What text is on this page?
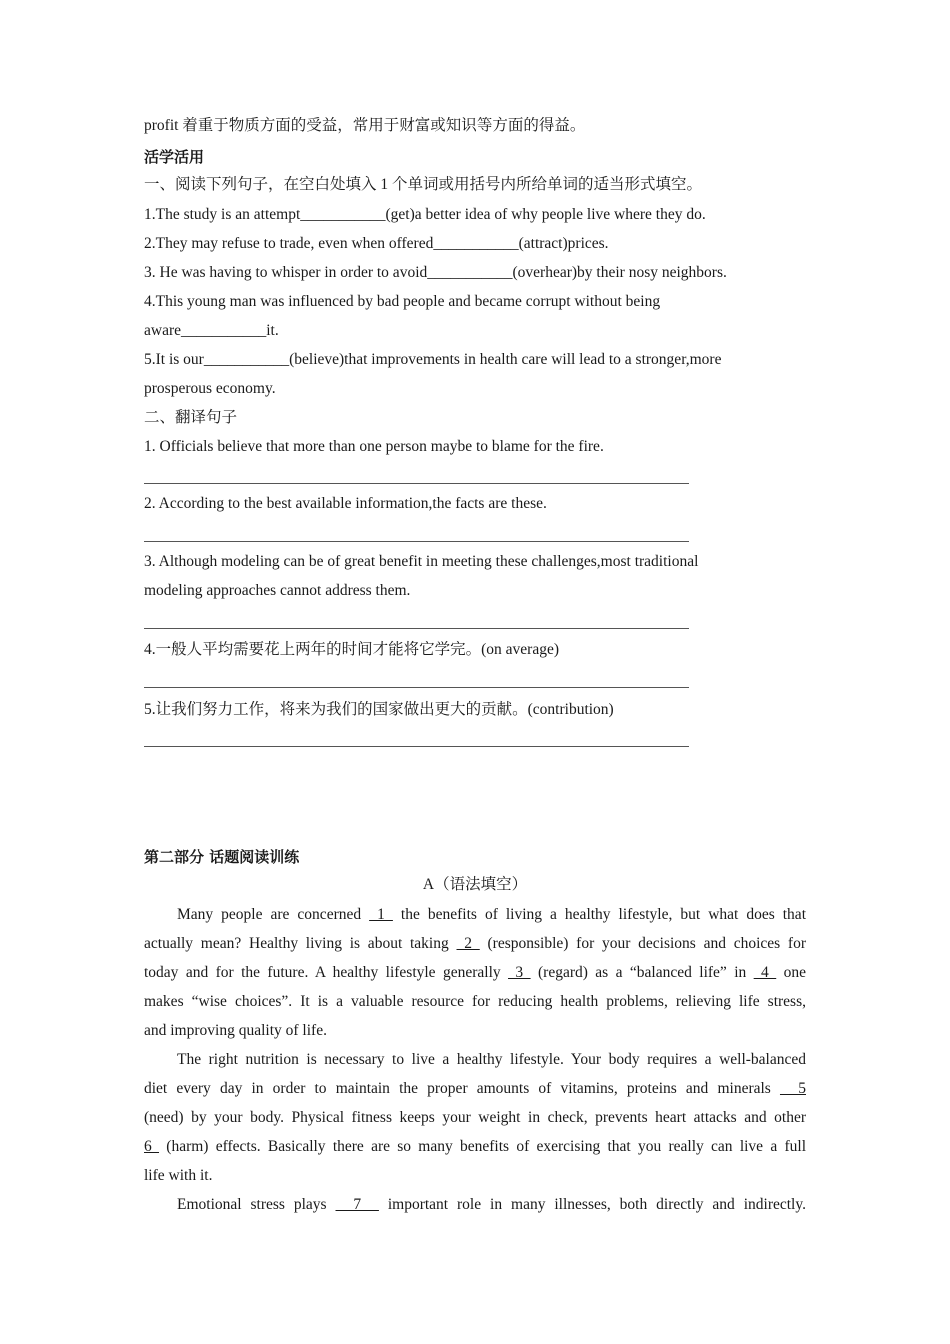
profit 着重于物质方面的受益，常用于财富或知识等方面的得益。
活学活用
一、阅读下列句子，在空白处填入 1 个单词或用括号内所给单词的适当形式填空。
1.The study is an attempt___________(get)a better idea of why people live where they do.
2.They may refuse to trade, even when offered___________(attract)prices.
3. He was having to whisper in order to avoid___________(overhear)by their nosy neighbors.
4.This young man was influenced by bad people and became corrupt without being
aware___________it.
5.It is our___________(believe)that improvements in health care will lead to a stronger,more
prosperous economy.
二、翻译句子
1. Officials believe that more than one person maybe to blame for the fire.
2. According to the best available information,the facts are these.
3. Although modeling can be of great benefit in meeting these challenges,most traditional
modeling approaches cannot address them.
4.一般人平均需要花上两年的时间才能将它学完。(on average)
5.让我们努力工作，将来为我们的国家做出更大的贡献。(contribution)
第二部分 话题阅读训练
A（语法填空）
Many people are concerned  1  the benefits of living a healthy lifestyle, but what does that
actually mean? Healthy living is about taking  2  (responsible) for your decisions and choices for
today and for the future. A healthy lifestyle generally  3  (regard) as a “balanced life” in  4  one
makes “wise choices”. It is a valuable resource for reducing health problems, relieving life stress,
and improving quality of life.
The right nutrition is necessary to live a healthy lifestyle. Your body requires a well-balanced
diet every day in order to maintain the proper amounts of vitamins, proteins and minerals   5
(need) by your body. Physical fitness keeps your weight in check, prevents heart attacks and other
6  (harm) effects. Basically there are so many benefits of exercising that you really can live a full
life with it.
Emotional stress plays   7   important role in many illnesses, both directly and indirectly.
